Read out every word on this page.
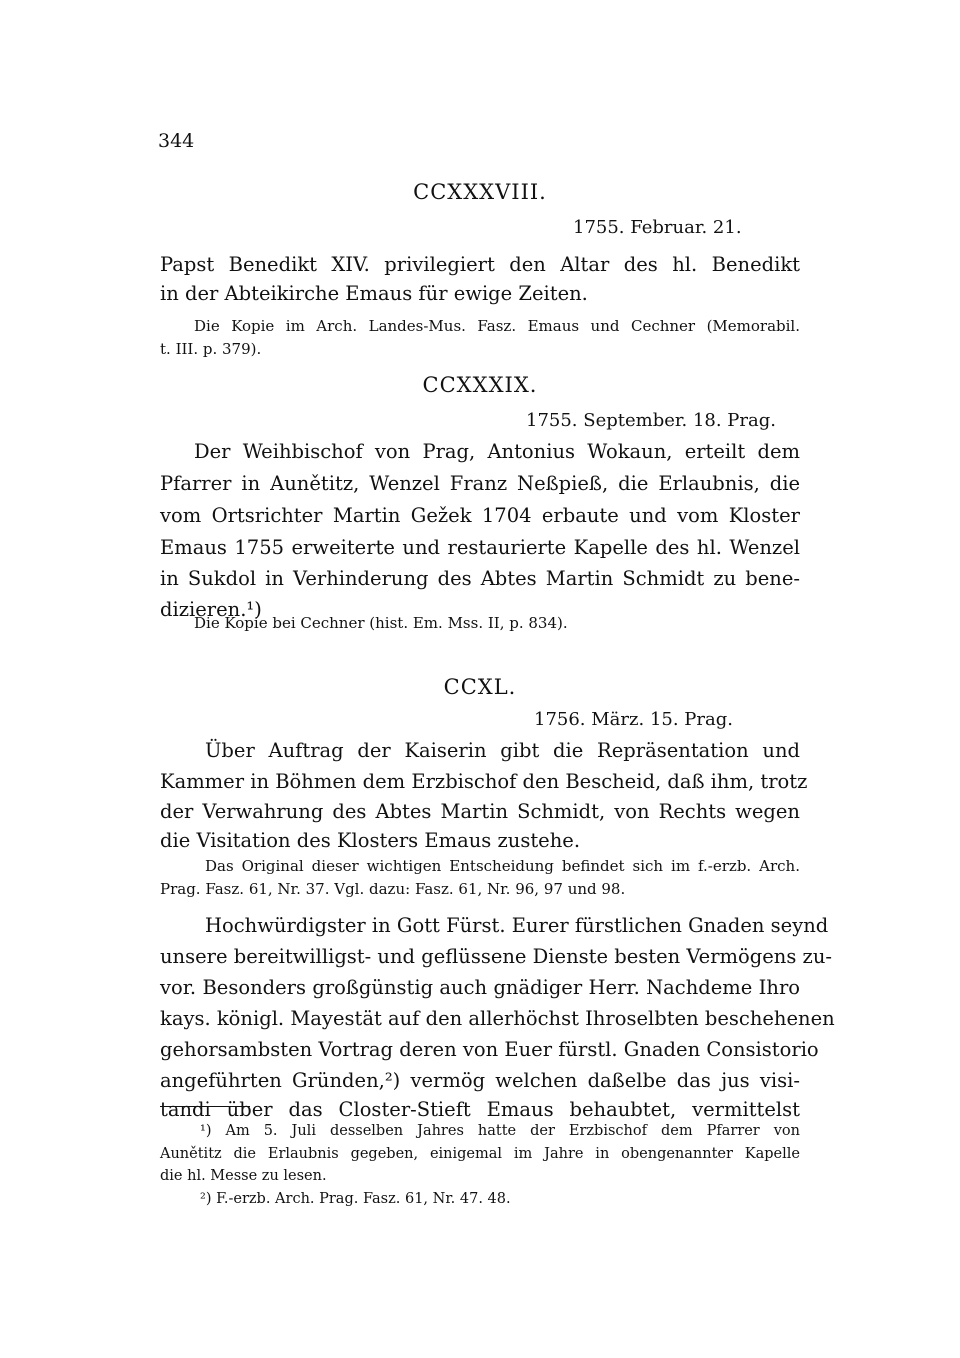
344
CCXXXVIII.
1755. Februar. 21.
Papst Benedikt XIV. privilegiert den Altar des hl. Benedikt
in der Abteikirche Emaus für ewige Zeiten.
Die Kopie im Arch. Landes-Mus. Fasz. Emaus und Cechner (Memorabil.
t. III. p. 379).
CCXXXIX.
1755. September. 18. Prag.
Der Weihbischof von Prag, Antonius Wokaun, erteilt dem
Pfarrer in Aunětitz, Wenzel Franz Neßpieß, die Erlaubnis, die
vom Ortsrichter Martin Gežek 1704 erbaute und vom Kloster
Emaus 1755 erweiterte und restaurierte Kapelle des hl. Wenzel
in Sukdol in Verhinderung des Abtes Martin Schmidt zu bene-
dizieren.¹)
Die Kopie bei Cechner (hist. Em. Mss. II, p. 834).
CCXL.
1756. März. 15. Prag.
Über Auftrag der Kaiserin gibt die Repräsentation und
Kammer in Böhmen dem Erzbischof den Bescheid, daß ihm, trotz
der Verwahrung des Abtes Martin Schmidt, von Rechts wegen
die Visitation des Klosters Emaus zustehe.
Das Original dieser wichtigen Entscheidung befindet sich im f.-erzb. Arch.
Prag. Fasz. 61, Nr. 37. Vgl. dazu: Fasz. 61, Nr. 96, 97 und 98.
Hochwürdigster in Gott Fürst. Eurer fürstlichen Gnaden seynd
unsere bereitwilligst- und geflüssene Dienste besten Vermögens zu-
vor. Besonders großgünstig auch gnädiger Herr. Nachdeme Ihro
kays. königl. Mayestät auf den allerhöchst Ihroselbten beschehenen
gehorsambsten Vortrag deren von Euer fürstl. Gnaden Consistorio
angeführten Gründen,²) vermög welchen daßelbe das jus visi-
tandi über das Closter-Stieft Emaus behaubtet, vermittelst
¹) Am 5. Juli desselben Jahres hatte der Erzbischof dem Pfarrer von
Aunětitz die Erlaubnis gegeben, einigemal im Jahre in obengenannter Kapelle
die hl. Messe zu lesen.
²) F.-erzb. Arch. Prag. Fasz. 61, Nr. 47. 48.
